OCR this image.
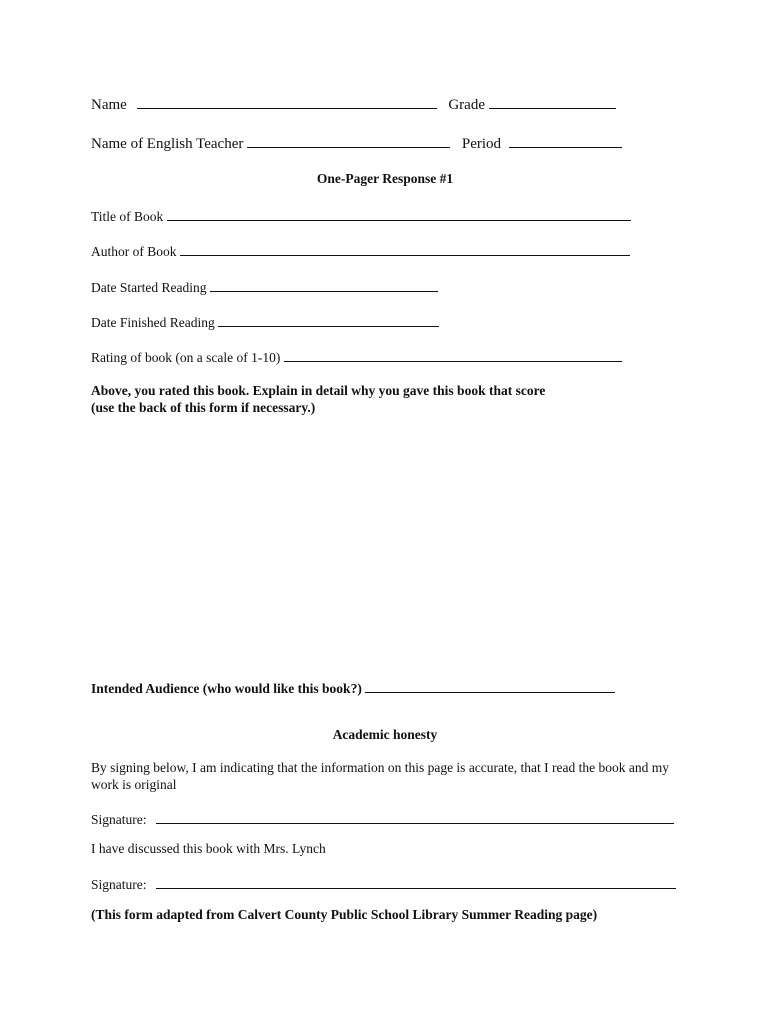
Name	Grade
Name of English Teacher	Period
One-Pager Response #1
Title of Book
Author of Book
Date Started Reading
Date Finished Reading
Rating of book (on a scale of 1-10)
Above, you rated this book. Explain in detail why you gave this book that score
(use the back of this form if necessary.)
Intended Audience (who would like this book?)
Academic honesty
By signing below, I am indicating that the information on this page is accurate, that I read the book and my work is original
Signature:
I have discussed this book with Mrs. Lynch
Signature:
(This form adapted from Calvert County Public School Library Summer Reading page)
